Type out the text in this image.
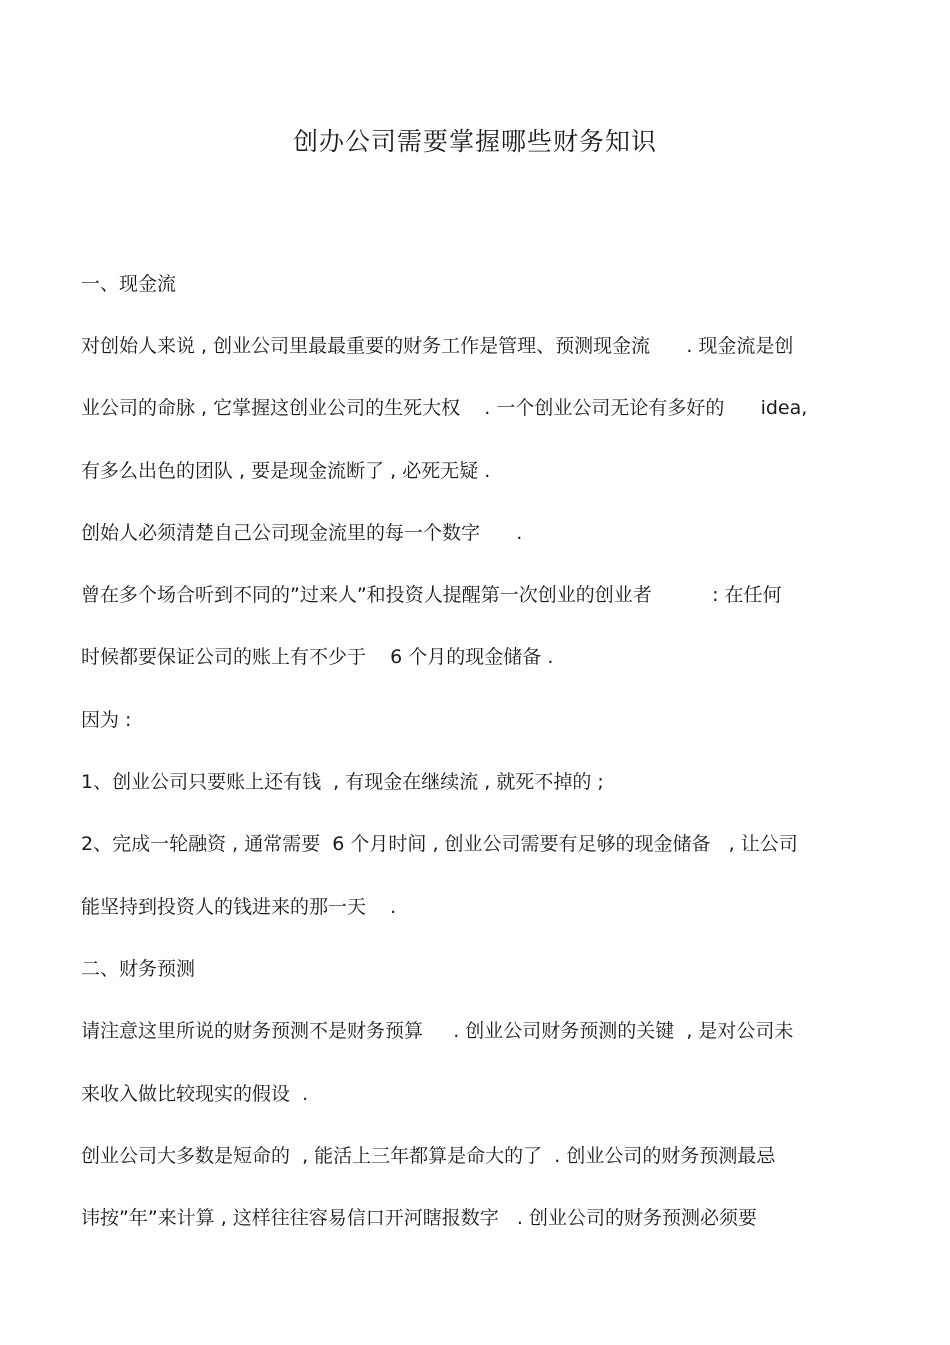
创办公司需要掌握哪些财务知识
一、现金流
对创始人来说 , 创业公司里最最重要的财务工作是管理、预测现金流      . 现金流是创
业公司的命脉 , 它掌握这创业公司的生死大权    . 一个创业公司无论有多好的      idea,
有多么出色的团队 , 要是现金流断了 , 必死无疑 .
创始人必须清楚自己公司现金流里的每一个数字      .
曾在多个场合听到不同的”过来人”和投资人提醒第一次创业的创业者          : 在任何
时候都要保证公司的账上有不少于    6 个月的现金储备 .
因为 :
1、创业公司只要账上还有钱  , 有现金在继续流 , 就死不掉的 ;
2、完成一轮融资 , 通常需要  6 个月时间 , 创业公司需要有足够的现金储备   , 让公司
能坚持到投资人的钱进来的那一天    .
二、财务预测
请注意这里所说的财务预测不是财务预算     . 创业公司财务预测的关键  , 是对公司未
来收入做比较现实的假设  .
创业公司大多数是短命的  , 能活上三年都算是命大的了  . 创业公司的财务预测最忌
讳按”年”来计算 , 这样往往容易信口开河瞎报数字   . 创业公司的财务预测必须要
